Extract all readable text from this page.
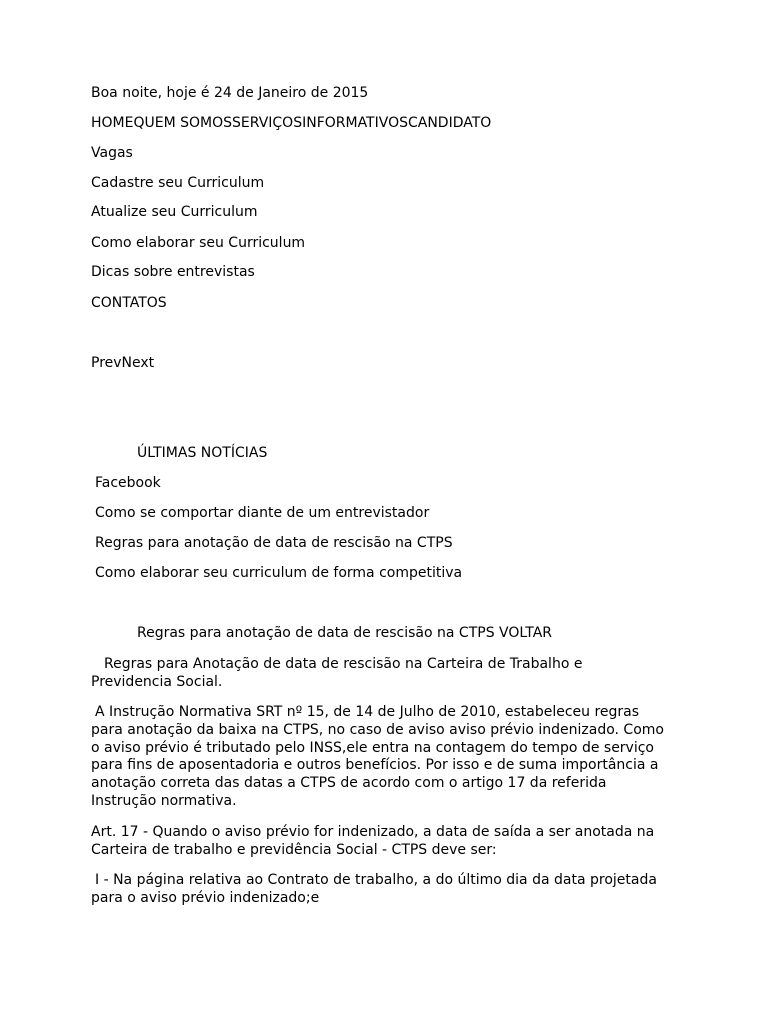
Boa noite, hoje é 24 de Janeiro de 2015
HOMEQUEM SOMOSSERVIÇOSINFORMATIVOSCANDIDATO
Vagas
Cadastre seu Curriculum
Atualize seu Curriculum
Como elaborar seu Curriculum
Dicas sobre entrevistas
CONTATOS
PrevNext
ÚLTIMAS NOTÍCIAS
Facebook
Como se comportar diante de um entrevistador
Regras para anotação de data de rescisão na CTPS
Como elaborar seu curriculum de forma competitiva
Regras para anotação de data de rescisão na CTPS VOLTAR
Regras para Anotação de data de rescisão na Carteira de Trabalho e
Previdencia Social.
A Instrução Normativa SRT nº 15, de 14 de Julho de 2010, estabeleceu regras
para anotação da baixa na CTPS, no caso de aviso aviso prévio indenizado. Como
o aviso prévio é tributado pelo INSS,ele entra na contagem do tempo de serviço
para fins de aposentadoria e outros benefícios. Por isso e de suma importância a
anotação correta das datas a CTPS de acordo com o artigo 17 da referida
Instrução normativa.
Art. 17 - Quando o aviso prévio for indenizado, a data de saída a ser anotada na
Carteira de trabalho e previdência Social - CTPS deve ser:
I - Na página relativa ao Contrato de trabalho, a do último dia da data projetada
para o aviso prévio indenizado;e
